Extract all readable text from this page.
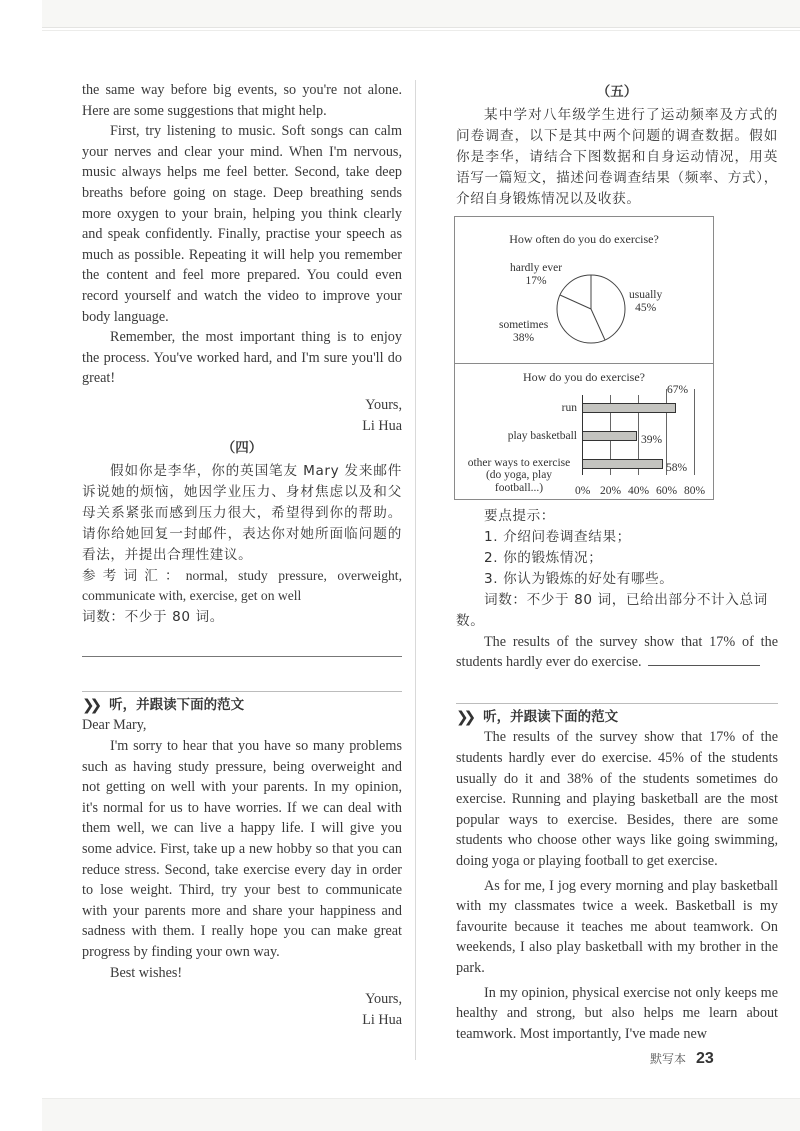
the same way before big events, so you're not alone. Here are some suggestions that might help.

First, try listening to music. Soft songs can calm your nerves and clear your mind. When I'm nervous, music always helps me feel better. Second, take deep breaths before going on stage. Deep breathing sends more oxygen to your brain, helping you think clearly and speak confidently. Finally, practise your speech as much as possible. Repeating it will help you remember the content and feel more prepared. You could even record yourself and watch the video to improve your body language.

Remember, the most important thing is to enjoy the process. You've worked hard, and I'm sure you'll do great!

Yours,

Li Hua

（四）

假如你是李华，你的英国笔友 Mary 发来邮件诉说她的烦恼，她因学业压力、身材焦虑以及和父母关系紧张而感到压力很大，希望得到你的帮助。请你给她回复一封邮件，表达你对她所面临问题的看法，并提出合理性建议。

参考词汇：normal, study pressure, overweight, communicate with, exercise, get on well

词数：不少于 80 词。

❯❯ 听，并跟读下面的范文

Dear Mary,

I'm sorry to hear that you have so many problems such as having study pressure, being overweight and not getting on well with your parents. In my opinion, it's normal for us to have worries. If we can deal with them well, we can live a happy life. I will give you some advice. First, take up a new hobby so that you can reduce stress. Second, take exercise every day in order to lose weight. Third, try your best to communicate with your parents more and share your happiness and sadness with them. I really hope you can make great progress by finding your own way.

Best wishes!

Yours,

Li Hua

（五）

某中学对八年级学生进行了运动频率及方式的问卷调查，以下是其中两个问题的调查数据。假如你是李华，请结合下图数据和自身运动情况，用英语写一篇短文，描述问卷调查结果（频率、方式），介绍自身锻炼情况以及收获。

How often do you do exercise?
hardly ever
17%
usually
45%
sometimes
38%
How do you do exercise?
67%
39%
58%
run
play basketball
other ways to exercise
(do yoga, play
football...)	0% 20% 40% 60% 80%

要点提示：

1. 介绍问卷调查结果；

2. 你的锻炼情况；

3. 你认为锻炼的好处有哪些。

词数：不少于 80 词，已给出部分不计入总词数。

The results of the survey show that 17% of the students hardly ever do exercise.

❯❯ 听，并跟读下面的范文

The results of the survey show that 17% of the students hardly ever do exercise. 45% of the students usually do it and 38% of the students sometimes do exercise. Running and playing basketball are the most popular ways to exercise. Besides, there are some students who choose other ways like going swimming, doing yoga or playing football to get exercise.

As for me, I jog every morning and play basketball with my classmates twice a week. Basketball is my favourite because it teaches me about teamwork. On weekends, I also play basketball with my brother in the park.

In my opinion, physical exercise not only keeps me healthy and strong, but also helps me learn about teamwork. Most importantly, I've made new

默写本 23
